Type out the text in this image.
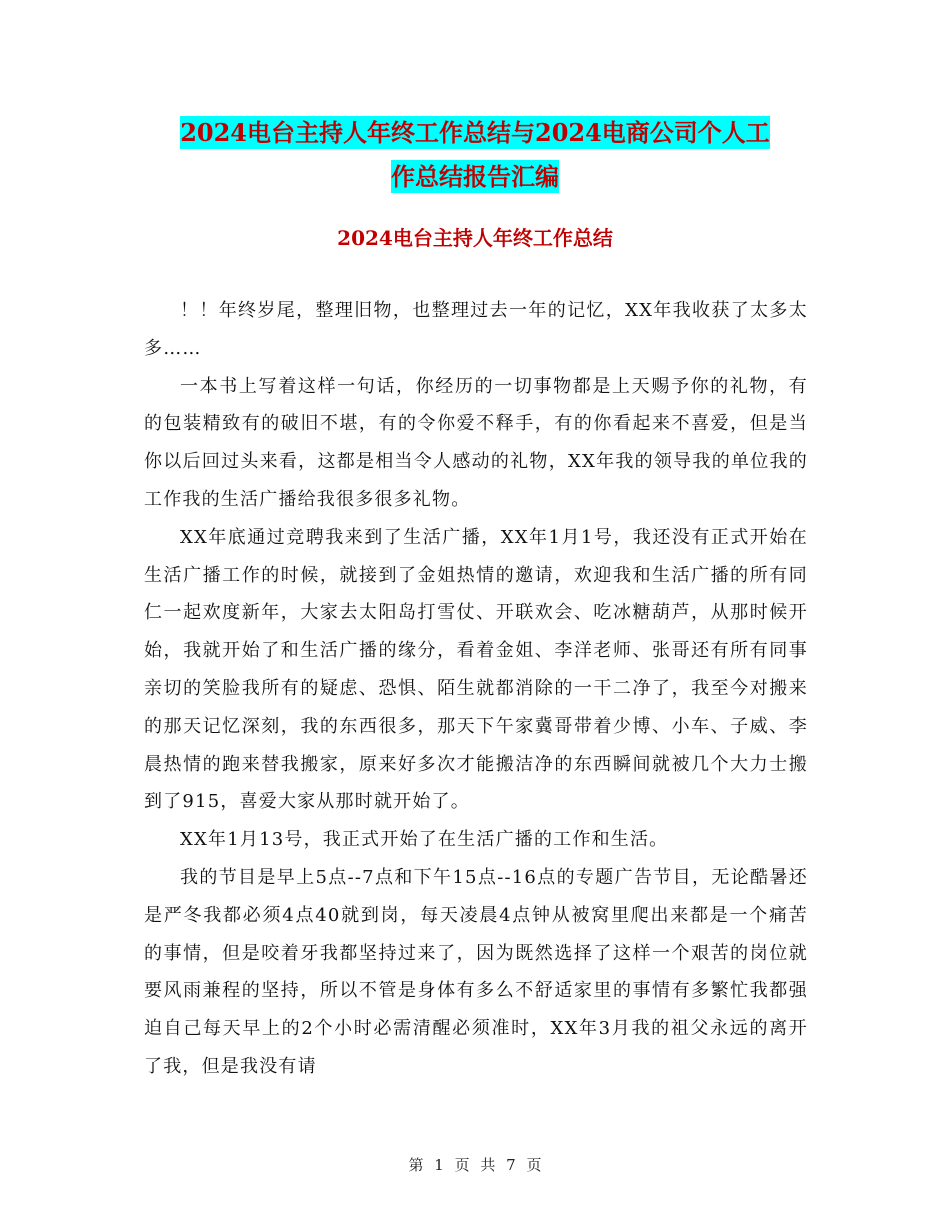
2024电台主持人年终工作总结与2024电商公司个人工
作总结报告汇编
2024电台主持人年终工作总结

！！年终岁尾，整理旧物，也整理过去一年的记忆，XX年我收获了太多太多……

一本书上写着这样一句话，你经历的一切事物都是上天赐予你的礼物，有的包装精致有的破旧不堪，有的令你爱不释手，有的你看起来不喜爱，但是当你以后回过头来看，这都是相当令人感动的礼物，XX年我的领导我的单位我的工作我的生活广播给我很多很多礼物。

XX年底通过竞聘我来到了生活广播，XX年1月1号，我还没有正式开始在生活广播工作的时候，就接到了金姐热情的邀请，欢迎我和生活广播的所有同仁一起欢度新年，大家去太阳岛打雪仗、开联欢会、吃冰糖葫芦，从那时候开始，我就开始了和生活广播的缘分，看着金姐、李洋老师、张哥还有所有同事亲切的笑脸我所有的疑虑、恐惧、陌生就都消除的一干二净了，我至今对搬来的那天记忆深刻，我的东西很多，那天下午家冀哥带着少博、小车、子威、李晨热情的跑来替我搬家，原来好多次才能搬洁净的东西瞬间就被几个大力士搬到了915，喜爱大家从那时就开始了。

XX年1月13号，我正式开始了在生活广播的工作和生活。

我的节目是早上5点--7点和下午15点--16点的专题广告节目，无论酷暑还是严冬我都必须4点40就到岗，每天凌晨4点钟从被窝里爬出来都是一个痛苦的事情，但是咬着牙我都坚持过来了，因为既然选择了这样一个艰苦的岗位就要风雨兼程的坚持，所以不管是身体有多么不舒适家里的事情有多繁忙我都强迫自己每天早上的2个小时必需清醒必须准时，XX年3月我的祖父永远的离开了我，但是我没有请

第 1 页 共 7 页
